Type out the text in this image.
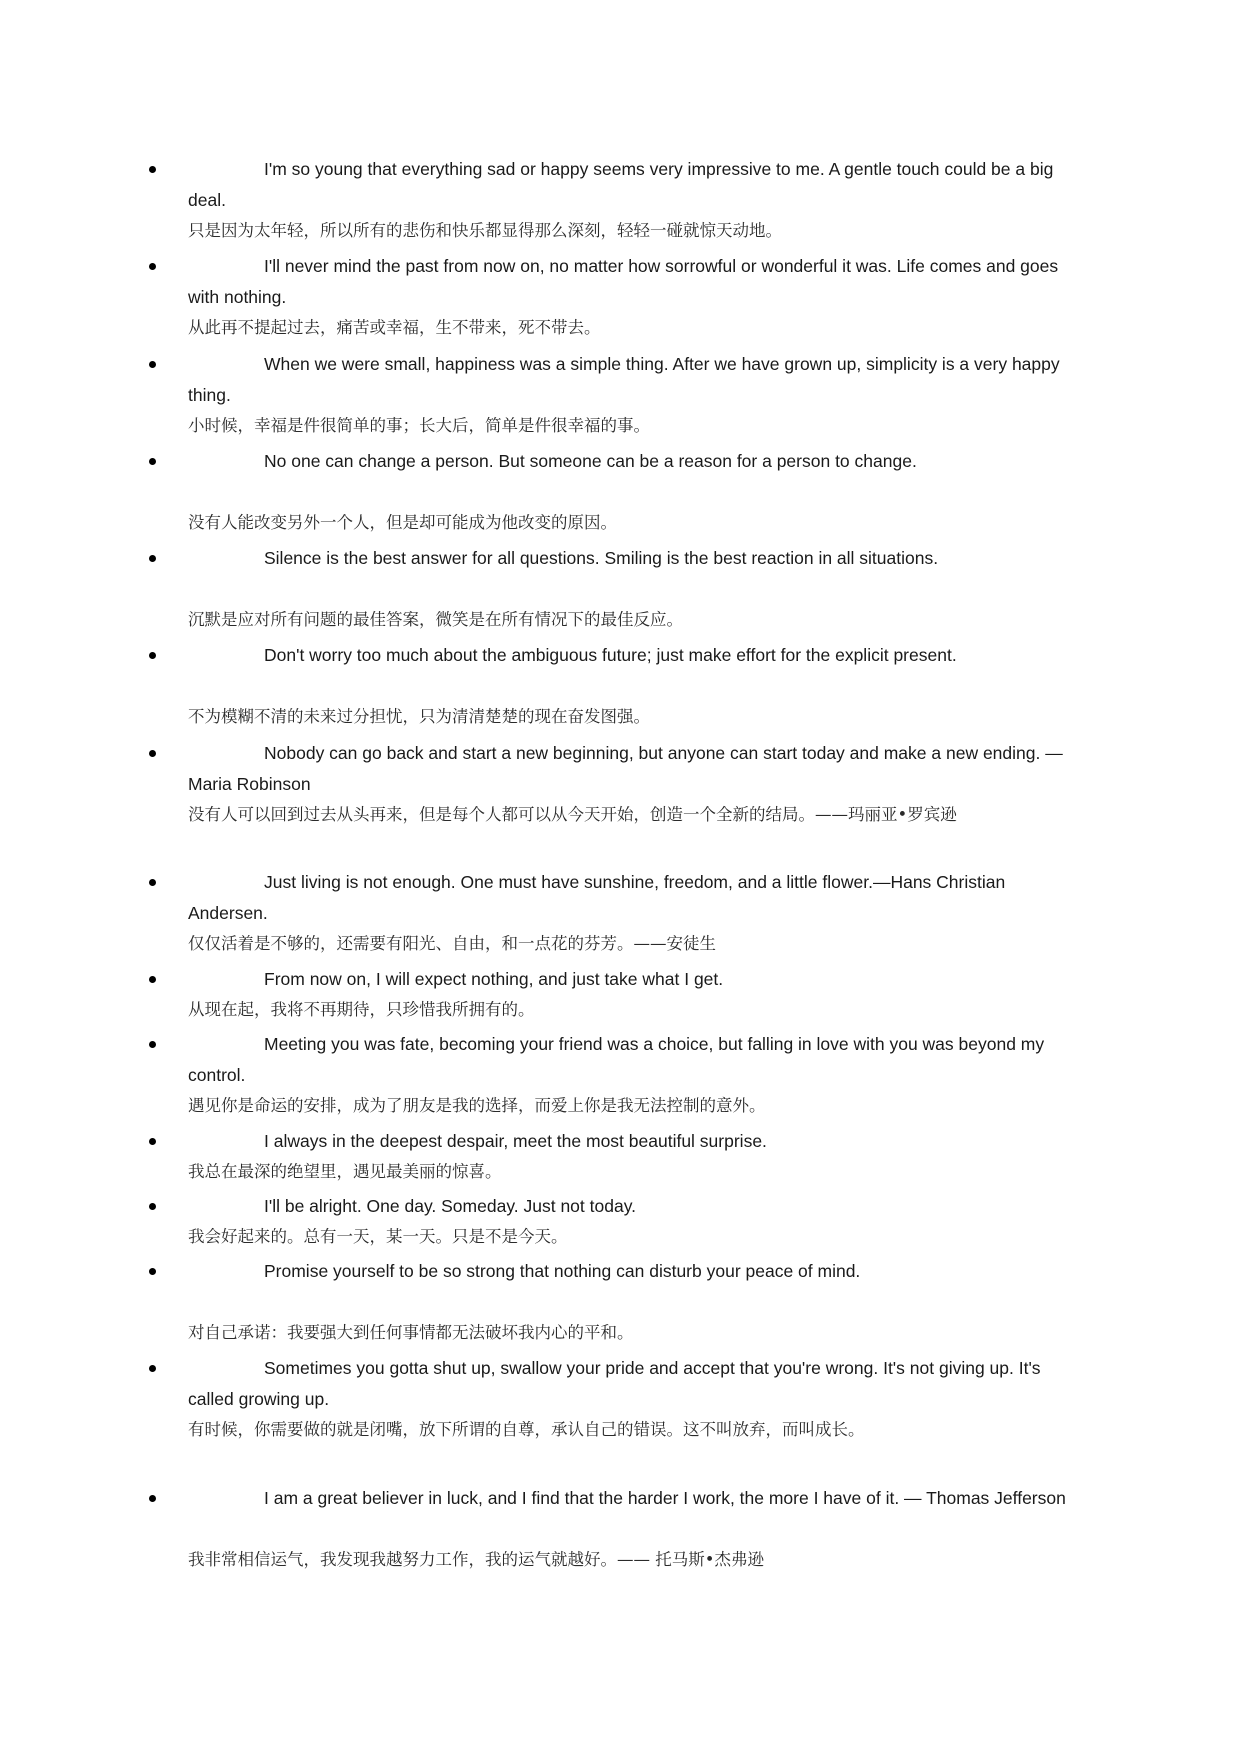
I'm so young that everything sad or happy seems very impressive to me. A gentle touch could be a big deal.

只是因为太年轻，所以所有的悲伤和快乐都显得那么深刻，轻轻一碰就惊天动地。

I'll never mind the past from now on, no matter how sorrowful or wonderful it was. Life comes and goes with nothing.

从此再不提起过去，痛苦或幸福，生不带来，死不带去。

When we were small, happiness was a simple thing. After we have grown up, simplicity is a very happy thing.

小时候，幸福是件很简单的事；长大后，简单是件很幸福的事。

No one can change a person. But someone can be a reason for a person to change.

没有人能改变另外一个人，但是却可能成为他改变的原因。

Silence is the best answer for all questions. Smiling is the best reaction in all situations.

沉默是应对所有问题的最佳答案，微笑是在所有情况下的最佳反应。

Don't worry too much about the ambiguous future; just make effort for the explicit present.

不为模糊不清的未来过分担忧，只为清清楚楚的现在奋发图强。

Nobody can go back and start a new beginning, but anyone can start today and make a new ending. — Maria Robinson

没有人可以回到过去从头再来，但是每个人都可以从今天开始，创造一个全新的结局。——玛丽亚•罗宾逊

Just living is not enough. One must have sunshine, freedom, and a little flower.—Hans Christian Andersen.

仅仅活着是不够的，还需要有阳光、自由，和一点花的芬芳。——安徒生

From now on, I will expect nothing, and just take what I get.

从现在起，我将不再期待，只珍惜我所拥有的。

Meeting you was fate, becoming your friend was a choice, but falling in love with you was beyond my control.

遇见你是命运的安排，成为了朋友是我的选择，而爱上你是我无法控制的意外。

I always in the deepest despair, meet the most beautiful surprise.

我总在最深的绝望里，遇见最美丽的惊喜。

I'll be alright. One day. Someday. Just not today.

我会好起来的。总有一天，某一天。只是不是今天。

Promise yourself to be so strong that nothing can disturb your peace of mind.

对自己承诺：我要强大到任何事情都无法破坏我内心的平和。

Sometimes you gotta shut up, swallow your pride and accept that you're wrong. It's not giving up. It's called growing up.

有时候，你需要做的就是闭嘴，放下所谓的自尊，承认自己的错误。这不叫放弃，而叫成长。

I am a great believer in luck, and I find that the harder I work, the more I have of it. — Thomas Jefferson

我非常相信运气，我发现我越努力工作，我的运气就越好。—— 托马斯•杰弗逊
